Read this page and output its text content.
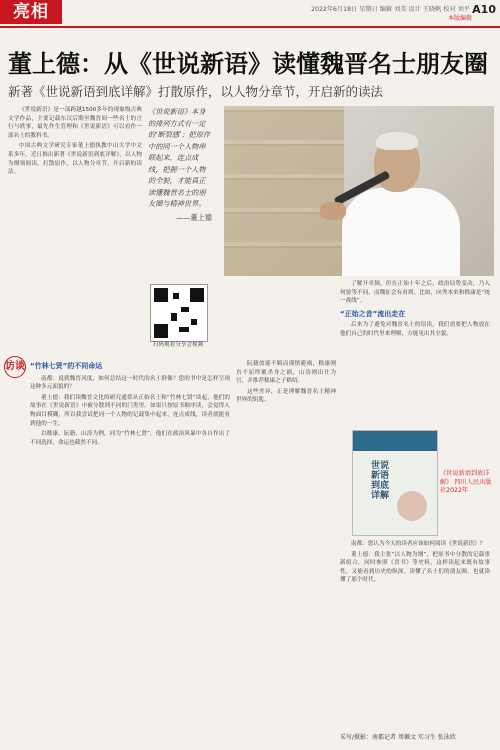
亮相	2022年6月18日 星期日 编辑 刘美 设计 王晓帆 校对 刘平
本版编辑
A10
董上德：从《世说新语》读懂魏晋名士朋友圈
新著《世说新语到底详解》打散原作，以人物分章节，开启新的读法

《世说新语》是一部跨越1500多年的现象级古典文学作品，主要记载东汉后期至魏晋间一些名士的言行与轶事，最先作生管理和《世说新语》可以看作一部名士的教科书。

中国古典文学研究专家董上德执教中山大学中文系多年，近日推出新著《世说新语到底详解》，以人物为纲领阅读，打散原作，以人物分章节，开启新的读法。

《世说新语》本身的排列方式有一定的‘断裂感’；把原作中的同一个人物串联起来，连点成线，把握一个人物的全貌，才能真正读懂魏晋名士的朋友圈与精神世界。
——董上德
扫码观看分享会视频

了解开章频，但在正始十年之后，政治局势变动，乃入何晏等不同，而魏征会有看到，比如，向秀本来和嵇康是“统一战线”。

“正始之音”流出走在

后来为了避免对魏晋名士的误读，我们需要把人物放在他们自己的时代里来理解，方能见出其全貌。

访谈 “竹林七贤”的不同命运

南都：说到魏晋风度，如何总结这一时代的名士群像？您的书中是怎样呈现这种多元面貌的？

董上德：我们读魏晋文化的研究通常从正始名士和“竹林七贤”谈起，他们的故事在《世说新语》中被分散到不同的门类里。如果只按原书顺序读，会觉得人物面目模糊，所以我尝试把同一个人物的记载集中起来，连点成线，读者就能看到他的一生。

以嵇康、阮籍、山涛为例，同为“竹林七贤”，他们在政治风暴中各自作出了不同选择，命运也截然不同。

阮籍放诞不羁而谨慎避祸，嵇康刚直不屈终罹杀身之祸，山涛则出仕为官，并推荐嵇康之子嵇绍。

这些差异，正是理解魏晋名士精神世界的钥匙。

世说新语到底详解
《世说新语到底详解》 四川人民出版社2022年

南都：您认为今天的读者应该如何阅读《世说新语》？

董上德：我主张“以人物为纲”，把原书中分散的记载重新组合，同时参照《晋书》等史料，这样读起来既有故事性，又能看到历史的纵深。读懂了名士们的朋友圈，也就读懂了那个时代。

采写/摄影：南都记者 周佩文 实习生 张泳欣
